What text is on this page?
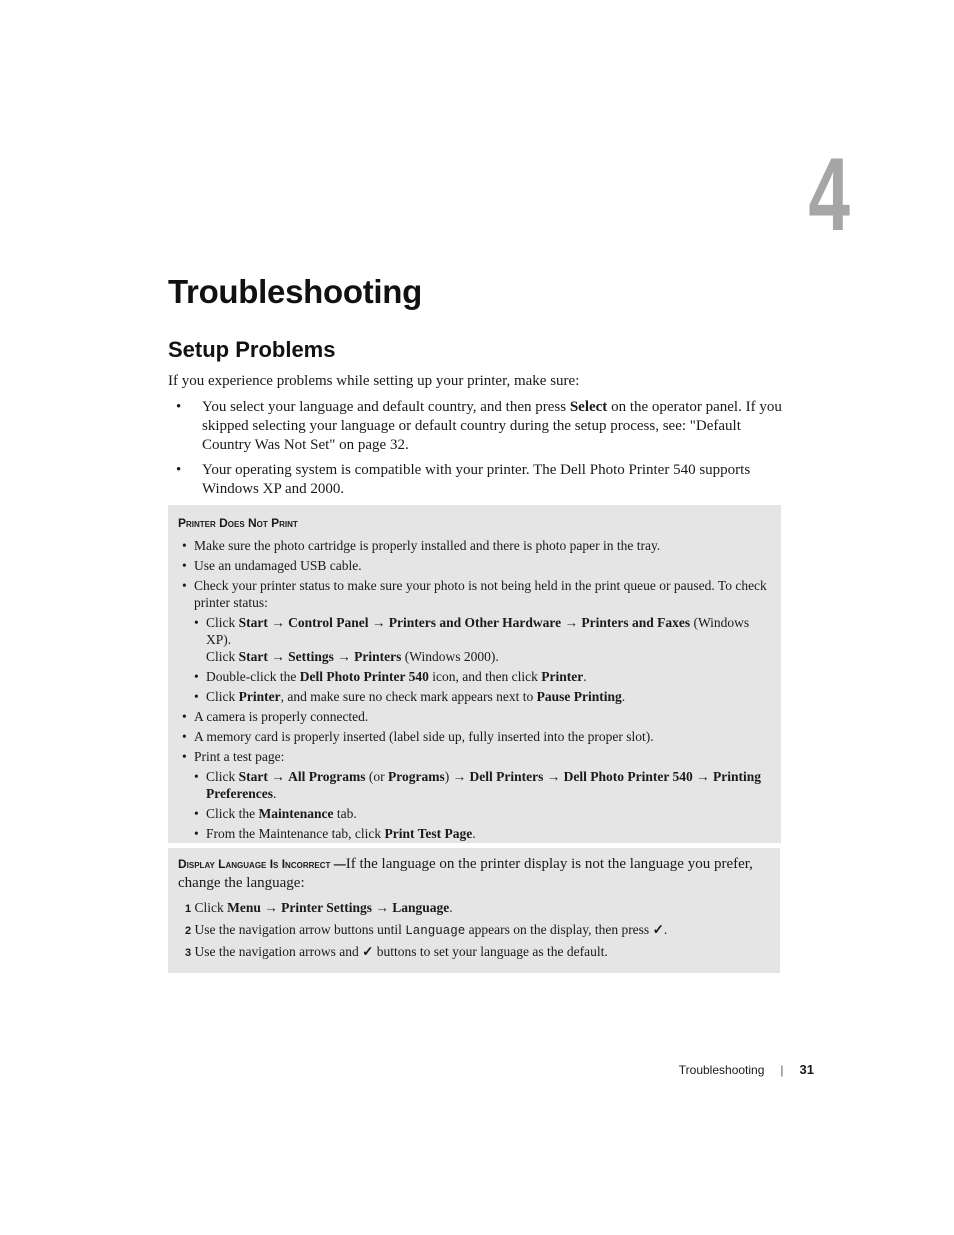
4
Troubleshooting
Setup Problems
If you experience problems while setting up your printer, make sure:
• You select your language and default country, and then press Select on the operator panel. If you skipped selecting your language or default country during the setup process, see: "Default Country Was Not Set" on page 32.
• Your operating system is compatible with your printer. The Dell Photo Printer 540 supports Windows XP and 2000.
Printer Does Not Print
• Make sure the photo cartridge is properly installed and there is photo paper in the tray.
• Use an undamaged USB cable.
• Check your printer status to make sure your photo is not being held in the print queue or paused. To check printer status:
• Click Start → Control Panel → Printers and Other Hardware → Printers and Faxes (Windows XP).
Click Start → Settings → Printers (Windows 2000).
• Double-click the Dell Photo Printer 540 icon, and then click Printer.
• Click Printer, and make sure no check mark appears next to Pause Printing.
• A camera is properly connected.
• A memory card is properly inserted (label side up, fully inserted into the proper slot).
• Print a test page:
• Click Start → All Programs (or Programs) → Dell Printers → Dell Photo Printer 540 → Printing Preferences.
• Click the Maintenance tab.
• From the Maintenance tab, click Print Test Page.
Display Language Is Incorrect —If the language on the printer display is not the language you prefer, change the language:
1 Click Menu → Printer Settings → Language.
2 Use the navigation arrow buttons until Language appears on the display, then press ✓.
3 Use the navigation arrows and ✓ buttons to set your language as the default.
Troubleshooting | 31
